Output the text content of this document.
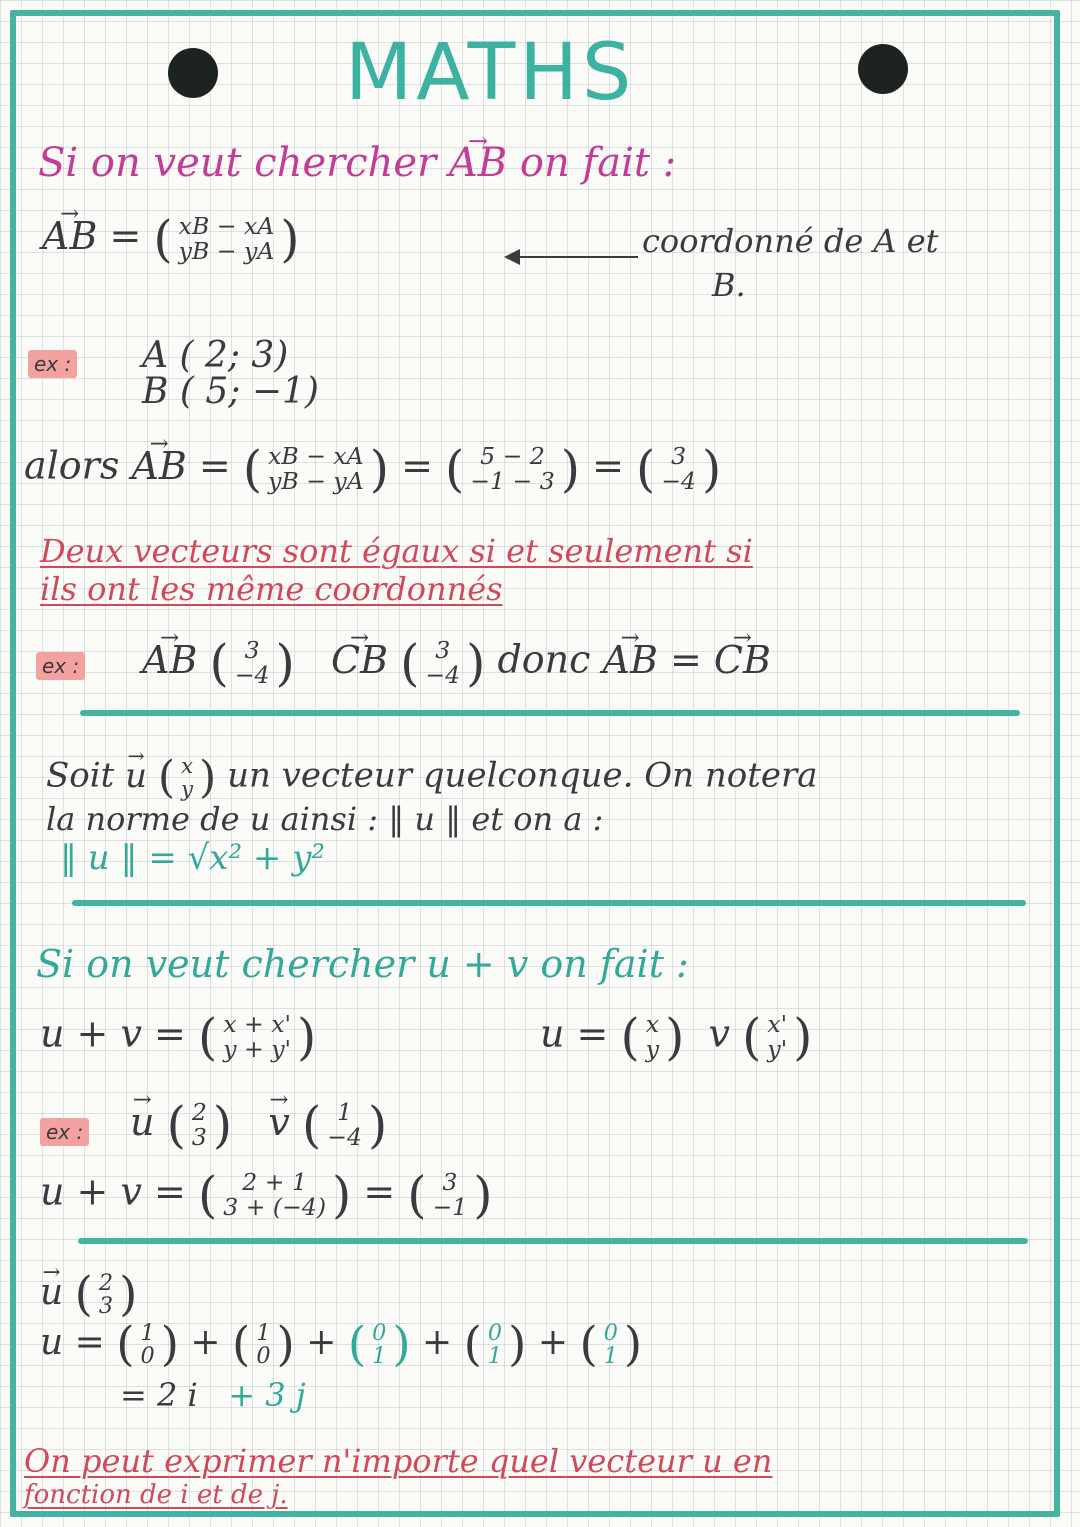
MATHS
Si on veut chercher → AB on fait :
→ AB = ( xB − xA
yB − yA )	coordonné de A et
B.
ex : A ( 2; 3)
B ( 5; −1)
alors → AB = ( xB − xA
yB − yA ) = ( 5 − 2
−1 − 3 ) = ( 3
−4 )
Deux vecteurs sont égaux si et seulement si
ils ont les même coordonnés
ex : → AB ( 3
−4 ) → CB ( 3
−4 ) donc → AB = → CB
Soit → u ( x
y ) un vecteur quelconque. On notera
la norme de u ainsi : ‖ u ‖ et on a :
‖ u ‖ = √x² + y²
Si on veut chercher u + v on fait :
u + v = ( x + x'
y + y' )	u = ( x
y ) v ( x'
y' )
ex : → u ( 2
3 ) → v ( 1
−4 )
u + v = ( 2 + 1
3 + (−4) ) = ( 3
−1 )
→ u ( 2
3 )
u = ( 1
0 ) + ( 1
0 ) + ( 0
1 ) + ( 0
1 ) + ( 0
1 )
= 2 i + 3 j
On peut exprimer n'importe quel vecteur u en
fonction de i et de j.
